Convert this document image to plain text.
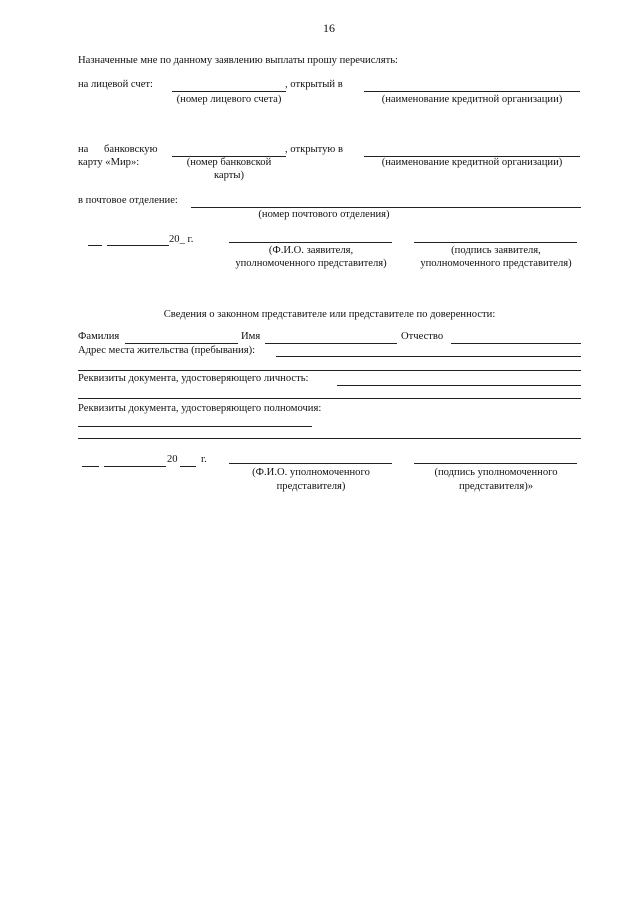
16
Назначенные мне по данному заявлению выплаты прошу перечислять:
на лицевой счет:	, открытый в
(номер лицевого счета)	(наименование кредитной организации)
на банковскую
карту «Мир»:
, открытую в
(номер банковской
карты)
(наименование кредитной организации)
в почтовое отделение:
(номер почтового отделения)
20_ г.
(Ф.И.О. заявителя,
уполномоченного представителя)
(подпись заявителя,
уполномоченного представителя)
Сведения о законном представителе или представителе по доверенности:
Фамилия	Имя	Отчество
Адрес места жительства (пребывания):
Реквизиты документа, удостоверяющего личность:
Реквизиты документа, удостоверяющего полномочия:
20 г.
(Ф.И.О. уполномоченного
представителя)
(подпись уполномоченного
представителя)»
